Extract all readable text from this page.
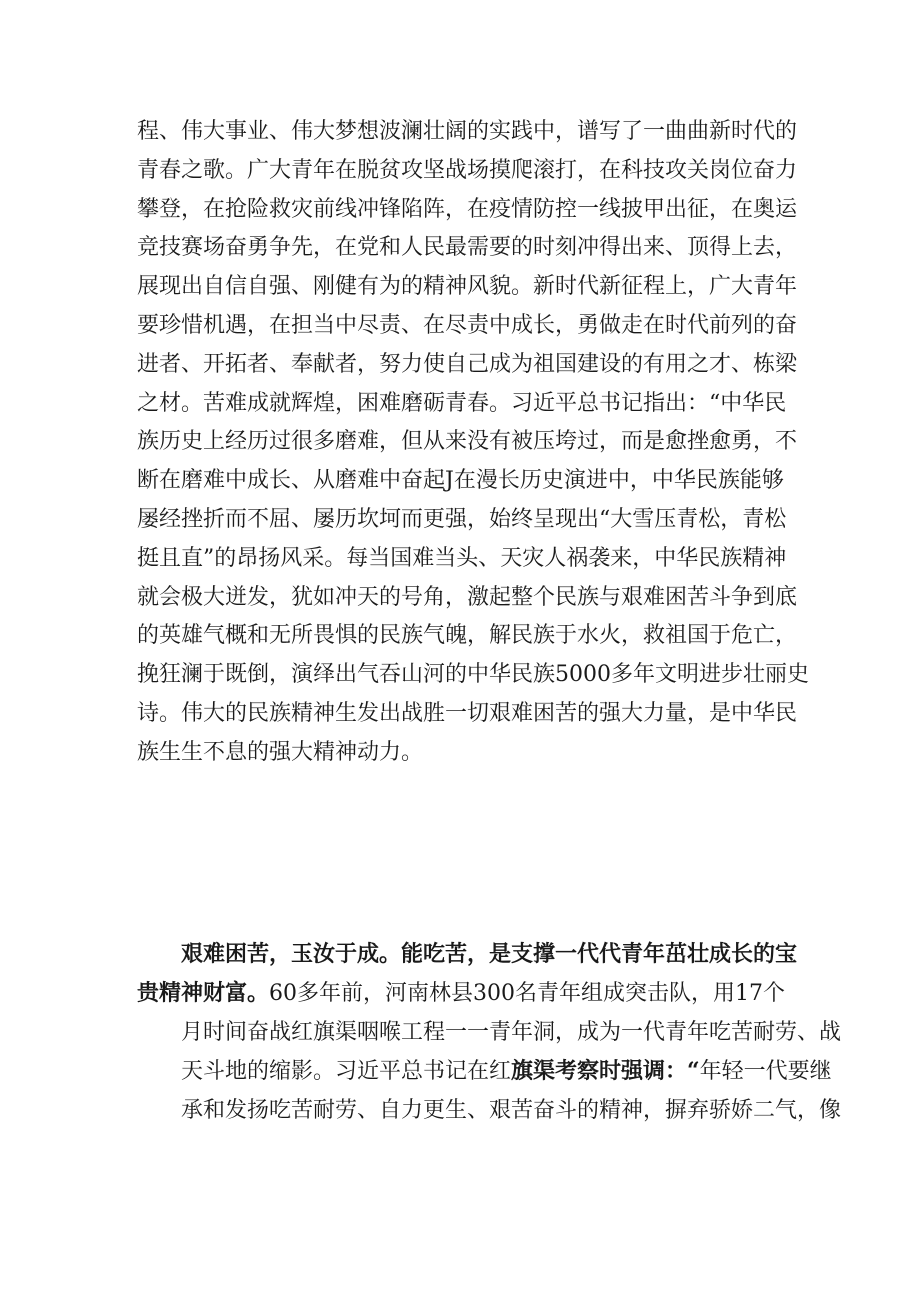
程、伟大事业、伟大梦想波澜壮阔的实践中，谱写了一曲曲新时代的
青春之歌。广大青年在脱贫攻坚战场摸爬滚打，在科技攻关岗位奋力
攀登，在抢险救灾前线冲锋陷阵，在疫情防控一线披甲出征，在奥运
竞技赛场奋勇争先，在党和人民最需要的时刻冲得出来、顶得上去，
展现出自信自强、刚健有为的精神风貌。新时代新征程上，广大青年
要珍惜机遇，在担当中尽责、在尽责中成长，勇做走在时代前列的奋
进者、开拓者、奉献者，努力使自己成为祖国建设的有用之才、栋梁
之材。苦难成就辉煌，困难磨砺青春。习近平总书记指出：“中华民
族历史上经历过很多磨难，但从来没有被压垮过，而是愈挫愈勇，不
断在磨难中成长、从磨难中奋起J在漫长历史演进中，中华民族能够
屡经挫折而不屈、屡历坎坷而更强，始终呈现出“大雪压青松，青松
挺且直”的昂扬风采。每当国难当头、天灾人祸袭来，中华民族精神
就会极大迸发，犹如冲天的号角，激起整个民族与艰难困苦斗争到底
的英雄气概和无所畏惧的民族气魄，解民族于水火，救祖国于危亡，
挽狂澜于既倒，演绎出气吞山河的中华民族5000多年文明进步壮丽史
诗。伟大的民族精神生发出战胜一切艰难困苦的强大力量，是中华民
族生生不息的强大精神动力。

艰难困苦，玉汝于成。能吃苦，是支撑一代代青年茁壮成长的宝
贵精神财富。60多年前，河南林县300名青年组成突击队，用17个
月时间奋战红旗渠咽喉工程一一青年洞，成为一代青年吃苦耐劳、战
天斗地的缩影。习近平总书记在红旗渠考察时强调：“年轻一代要继
承和发扬吃苦耐劳、自力更生、艰苦奋斗的精神，摒弃骄娇二气，像
